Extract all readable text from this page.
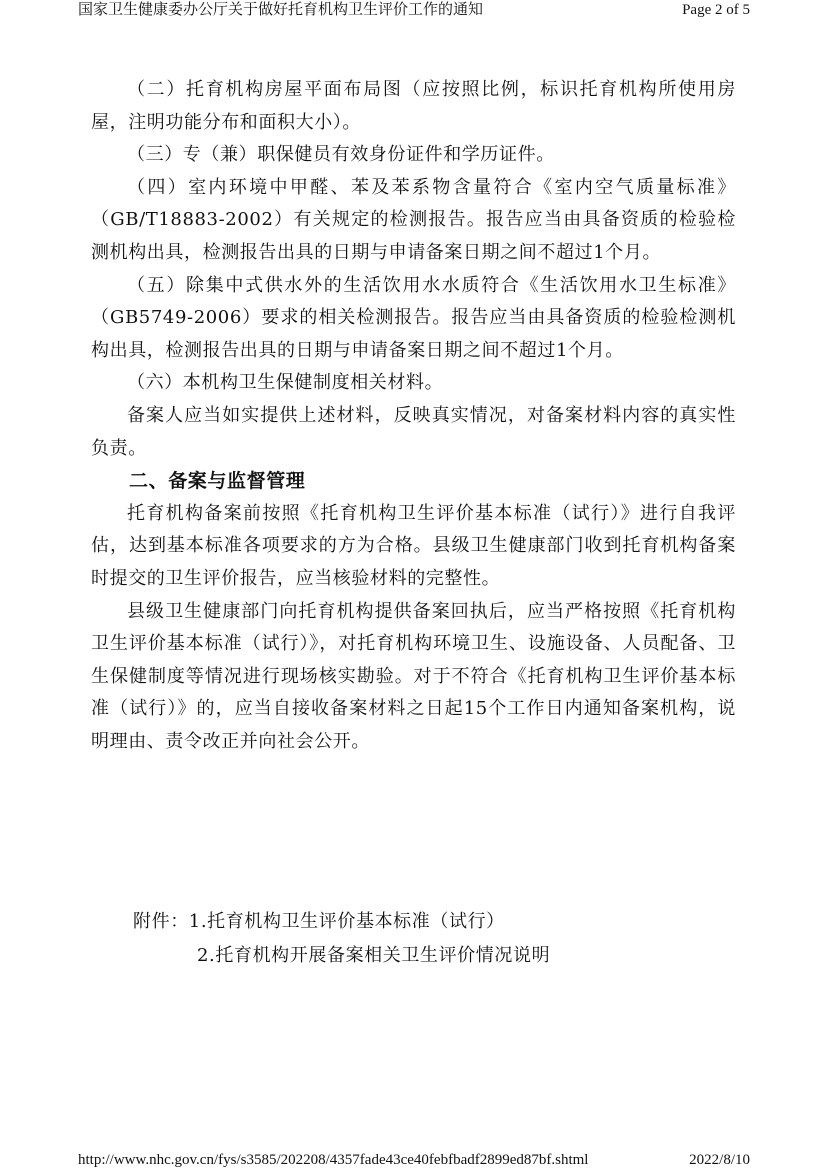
国家卫生健康委办公厅关于做好托育机构卫生评价工作的通知	Page 2 of 5

（二）托育机构房屋平面布局图（应按照比例，标识托育机构所使用房屋，注明功能分布和面积大小）。

（三）专（兼）职保健员有效身份证件和学历证件。

（四）室内环境中甲醛、苯及苯系物含量符合《室内空气质量标准》（GB/T18883-2002）有关规定的检测报告。报告应当由具备资质的检验检测机构出具，检测报告出具的日期与申请备案日期之间不超过1个月。

（五）除集中式供水外的生活饮用水水质符合《生活饮用水卫生标准》（GB5749-2006）要求的相关检测报告。报告应当由具备资质的检验检测机构出具，检测报告出具的日期与申请备案日期之间不超过1个月。

（六）本机构卫生保健制度相关材料。

备案人应当如实提供上述材料，反映真实情况，对备案材料内容的真实性负责。

二、备案与监督管理

托育机构备案前按照《托育机构卫生评价基本标准（试行）》进行自我评估，达到基本标准各项要求的方为合格。县级卫生健康部门收到托育机构备案时提交的卫生评价报告，应当核验材料的完整性。

县级卫生健康部门向托育机构提供备案回执后，应当严格按照《托育机构卫生评价基本标准（试行）》，对托育机构环境卫生、设施设备、人员配备、卫生保健制度等情况进行现场核实勘验。对于不符合《托育机构卫生评价基本标准（试行）》的，应当自接收备案材料之日起15个工作日内通知备案机构，说明理由、责令改正并向社会公开。

附件：1.托育机构卫生评价基本标准（试行）
2.托育机构开展备案相关卫生评价情况说明
http://www.nhc.gov.cn/fys/s3585/202208/4357fade43ce40febfbadf2899ed87bf.shtml	2022/8/10
